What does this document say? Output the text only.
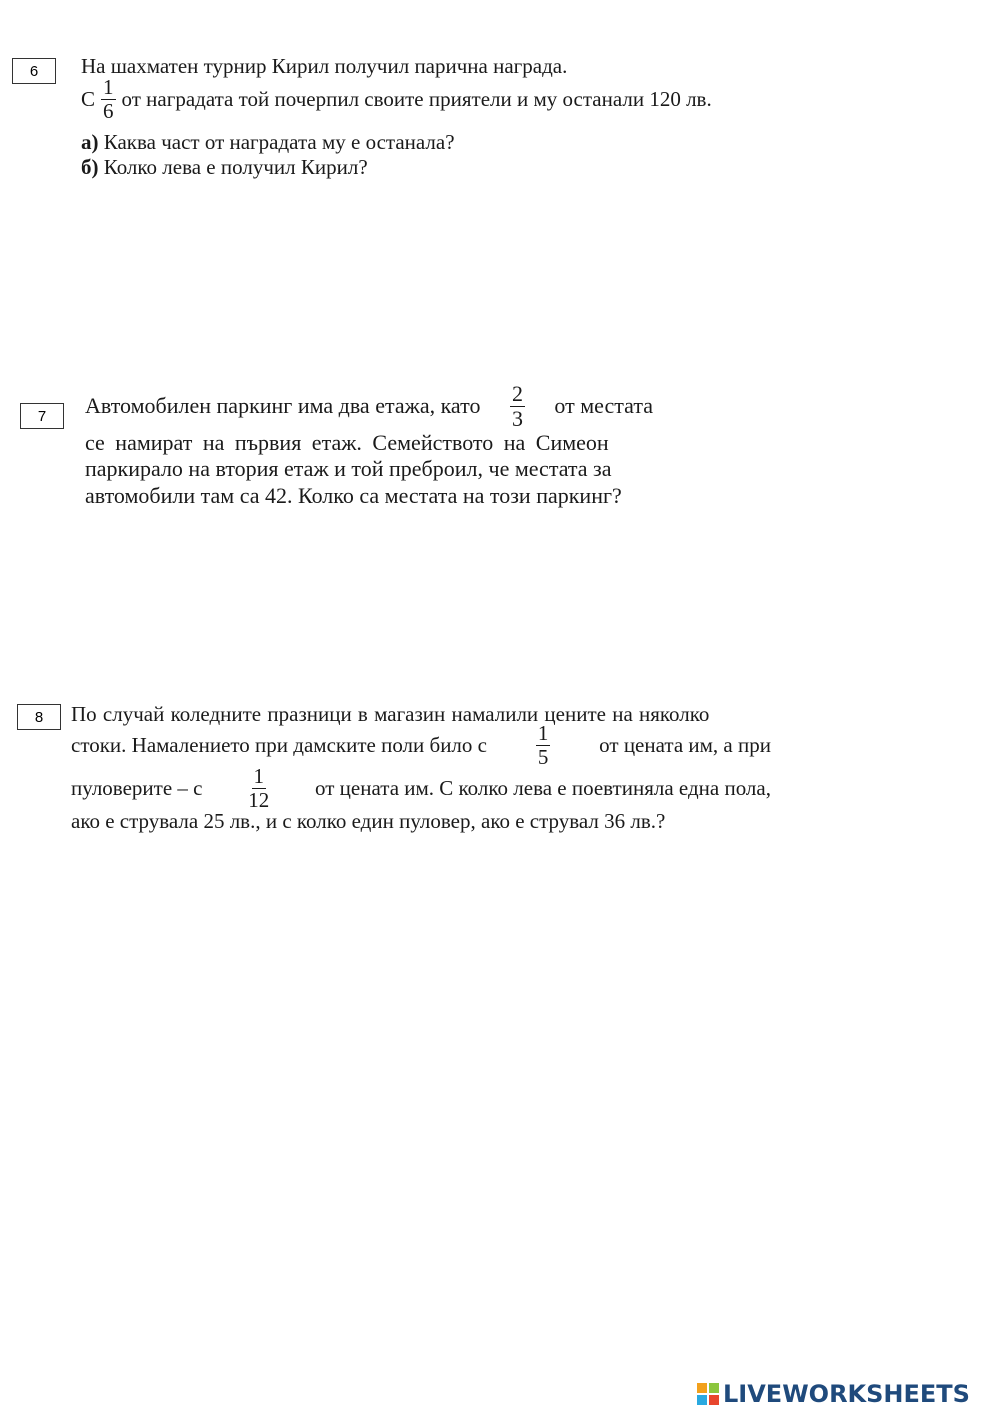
6 На шахматен турнир Кирил получил парична награда.
С $\frac{1}{6}$ от наградата той почерпил своите приятели и му останали 120 лв.
а)
Каква част от наградата му е останала?
б)
Колко лева е получил Кирил?
7 Автомобилен паркинг има два етажа, като $\frac{2}{3}$ от местата
се намират на първия етаж. Семейството на Симеон
паркирало на втория етаж и той преброил, че местата за
автомобили там са 42. Колко са местата на този паркинг?
8 По случай коледните празници в магазин намалили цените на няколко
стоки. Намалението при дамските поли било с $\frac{1}{5}$ от цената им, а при
пуловерите – с $\frac{1}{12}$ от цената им. С колко лева е поевтиняла една пола,
ако е струвала 25 лв., и с колко един пуловер, ако е струвал 36 лв.?
LIVEWORKSHEETS
